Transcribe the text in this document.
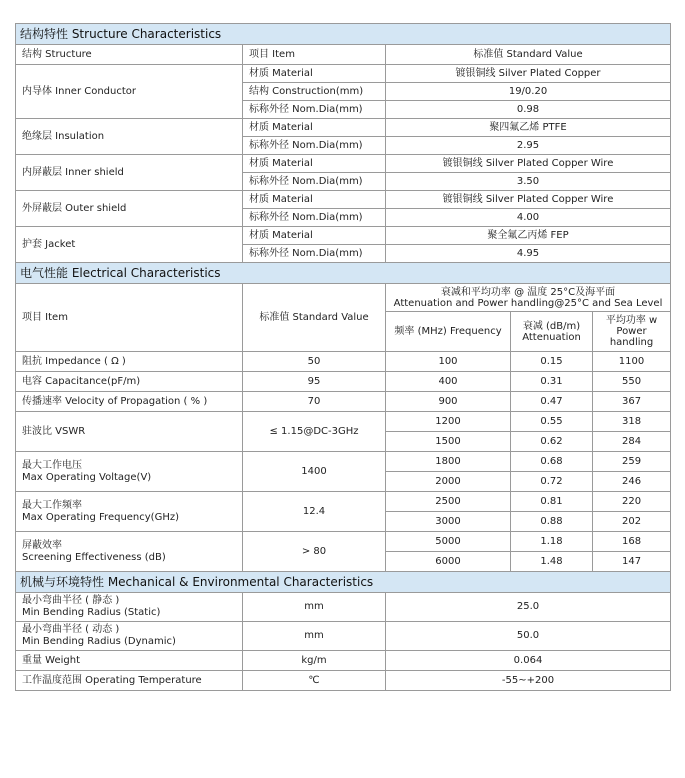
结构特性 Structure Characteristics		
结构 Structure	项目 Item	标准值 Standard Value
内导体 Inner Conductor	材质 Material	镀银铜线 Silver Plated Copper
	结构 Construction(mm)	19/0.20
	标称外径 Nom.Dia(mm)	0.98
绝缘层 Insulation	材质 Material	聚四氟乙烯 PTFE
	标称外径 Nom.Dia(mm)	2.95
内屏蔽层 Inner shield	材质 Material	镀银铜线 Silver Plated Copper Wire
	标称外径 Nom.Dia(mm)	3.50
外屏蔽层 Outer shield	材质 Material	镀银铜线 Silver Plated Copper Wire
	标称外径 Nom.Dia(mm)	4.00
护套 Jacket	材质 Material	聚全氟乙丙烯 FEP
	标称外径 Nom.Dia(mm)	4.95
电气性能 Electrical Characteristics				
项目 Item	标准值 Standard Value	衰减和平均功率 @ 温度 25°C及海平面
Attenuation and Power handling@25°C and Sea Level		

		频率 (MHz) Frequency	衰减 (dB/m) Attenuation	平均功率 w Power handling
阻抗 Impedance ( Ω )	50	100	0.15	1100
电容 Capacitance(pF/m)	95	400	0.31	550
传播速率 Velocity of Propagation ( % )	70	900	0.47	367
驻波比 VSWR	≤ 1.15@DC-3GHz	1200	0.55	318
		1500	0.62	284

最大工作电压
Max Operating Voltage(V)	1400	1800	0.68	259
		2000	0.72	246

最大工作频率
Max Operating Frequency(GHz)	12.4	2500	0.81	220
		3000	0.88	202

屏蔽效率
Screening Effectiveness (dB)	> 80	5000	1.18	168
		6000	1.48	147
机械与环境特性 Mechanical & Environmental Characteristics		

最小弯曲半径 ( 静态 )
Min Bending Radius (Static)	mm	25.0

最小弯曲半径 ( 动态 )
Min Bending Radius (Dynamic)	mm	50.0
重量 Weight	kg/m	0.064
工作温度范围 Operating Temperature	℃	-55~+200
